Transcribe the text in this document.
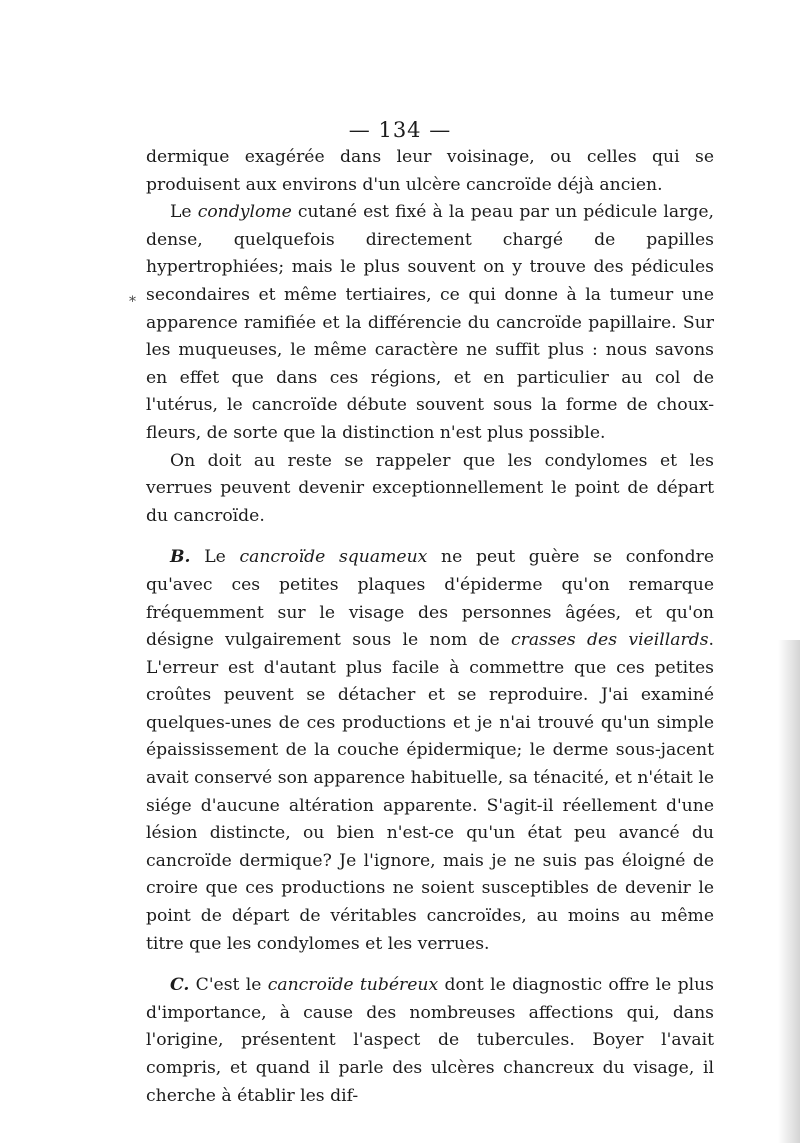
— 134 —
*

dermique exagérée dans leur voisinage, ou celles qui se produisent aux environs d'un ulcère cancroïde déjà ancien.

Le condylome cutané est fixé à la peau par un pédicule large, dense, quelquefois directement chargé de papilles hypertrophiées; mais le plus souvent on y trouve des pédicules secondaires et même tertiaires, ce qui donne à la tumeur une apparence ramifiée et la différencie du cancroïde papillaire. Sur les muqueuses, le même caractère ne suffit plus : nous savons en effet que dans ces régions, et en particulier au col de l'utérus, le cancroïde débute souvent sous la forme de choux-fleurs, de sorte que la distinction n'est plus possible.

On doit au reste se rappeler que les condylomes et les verrues peuvent devenir exceptionnellement le point de départ du cancroïde.

B. Le cancroïde squameux ne peut guère se confondre qu'avec ces petites plaques d'épiderme qu'on remarque fréquemment sur le visage des personnes âgées, et qu'on désigne vulgairement sous le nom de crasses des vieillards. L'erreur est d'autant plus facile à commettre que ces petites croûtes peuvent se détacher et se reproduire. J'ai examiné quelques-unes de ces productions et je n'ai trouvé qu'un simple épaississement de la couche épidermique; le derme sous-jacent avait conservé son apparence habituelle, sa ténacité, et n'était le siége d'aucune altération apparente. S'agit-il réellement d'une lésion distincte, ou bien n'est-ce qu'un état peu avancé du cancroïde dermique? Je l'ignore, mais je ne suis pas éloigné de croire que ces productions ne soient susceptibles de devenir le point de départ de véritables cancroïdes, au moins au même titre que les condylomes et les verrues.

C. C'est le cancroïde tubéreux dont le diagnostic offre le plus d'importance, à cause des nombreuses affections qui, dans l'origine, présentent l'aspect de tubercules. Boyer l'avait compris, et quand il parle des ulcères chancreux du visage, il cherche à établir les dif-
